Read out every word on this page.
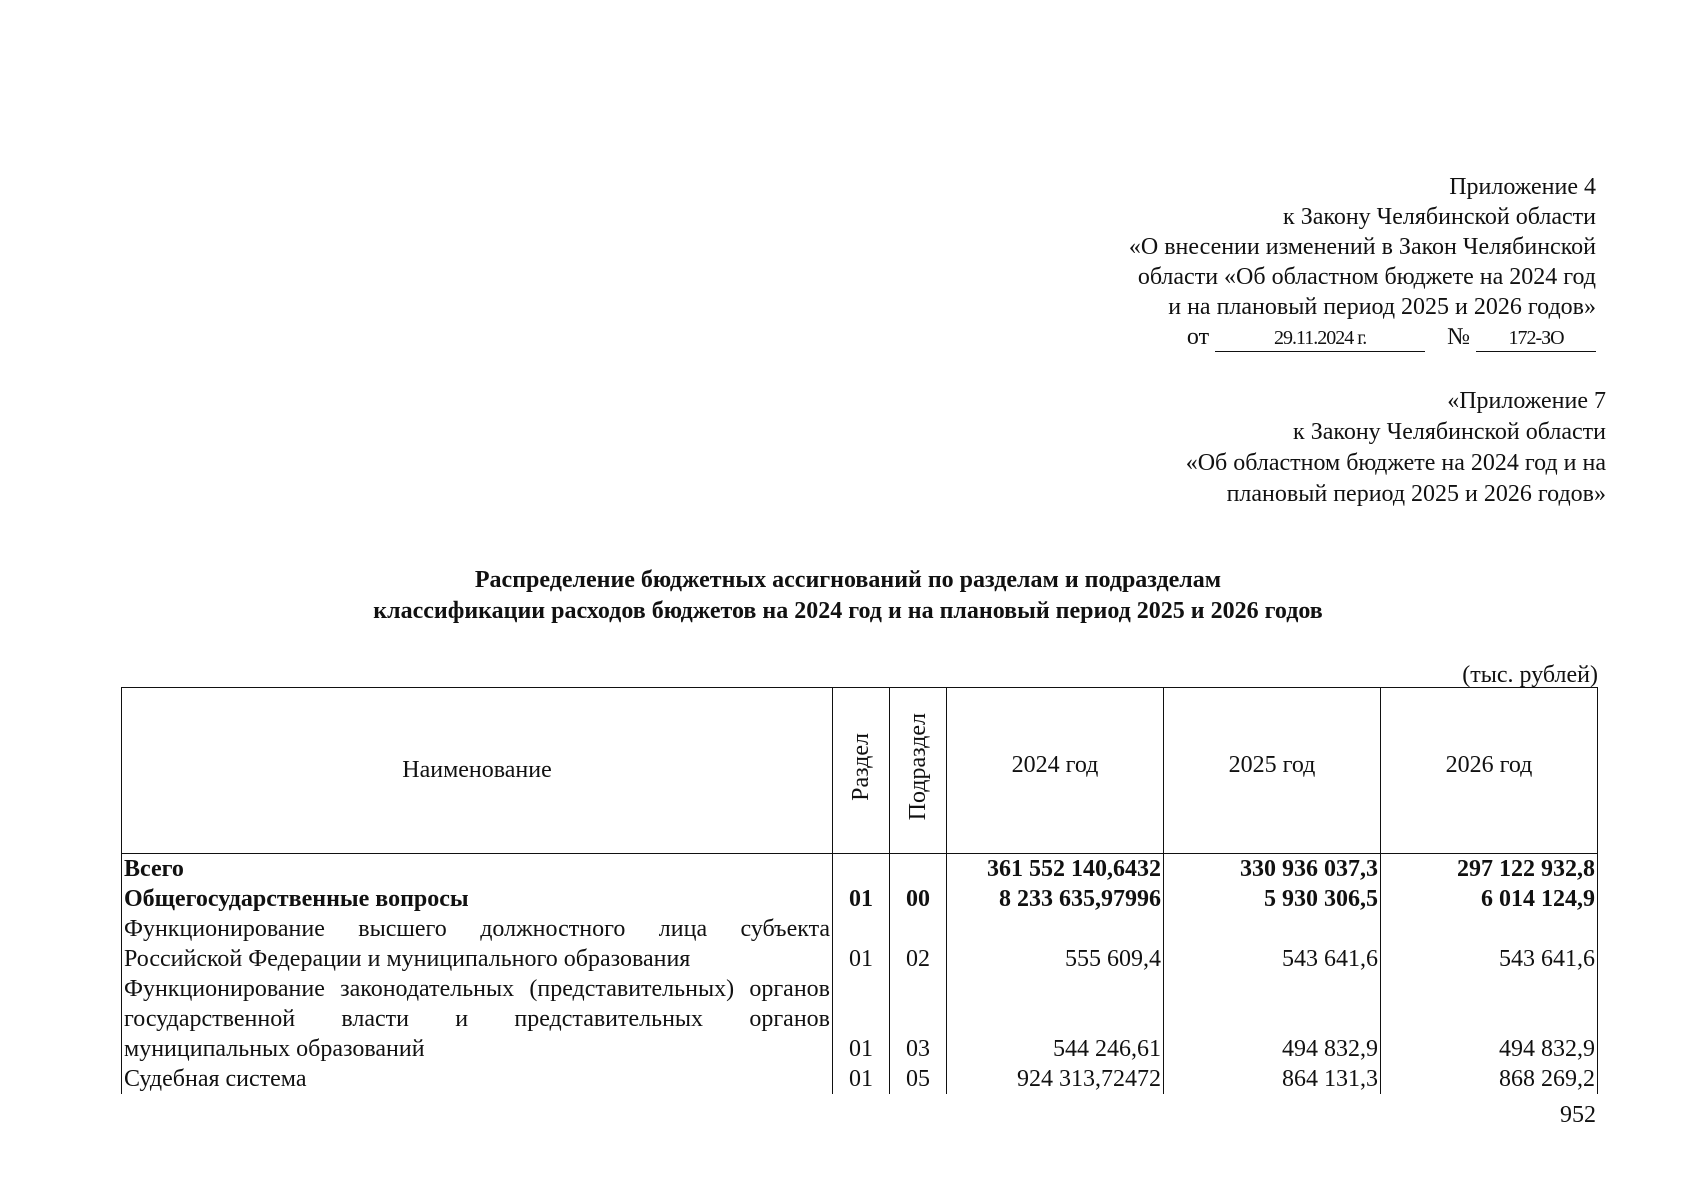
Приложение 4
к Закону Челябинской области
«О внесении изменений в Закон Челябинской
области «Об областном бюджете на 2024 год
и на плановый период 2025 и 2026 годов»
от	29.11.2024 г.	№ 172-ЗО
«Приложение 7
к Закону Челябинской области
«Об областном бюджете на 2024 год и на
плановый период 2025 и 2026 годов»
Распределение бюджетных ассигнований по разделам и подразделам
классификации расходов бюджетов на 2024 год и на плановый период 2025 и 2026 годов
(тыс. рублей)
Наименование	Раздел	Подраздел	2024 год	2025 год	2026 год
Всего			361 552 140,6432	330 936 037,3	297 122 932,8
Общегосударственные вопросы	01	00	8 233 635,97996	5 930 306,5	6 014 124,9
Функционирование высшего должностного лица субъекта Российской Федерации и муниципального образования	01	02	555 609,4	543 641,6	543 641,6
Функционирование законодательных (представительных) органов государственной власти и представительных органов муниципальных образований	01	03	544 246,61	494 832,9	494 832,9
Судебная система	01	05	924 313,72472	864 131,3	868 269,2
952
